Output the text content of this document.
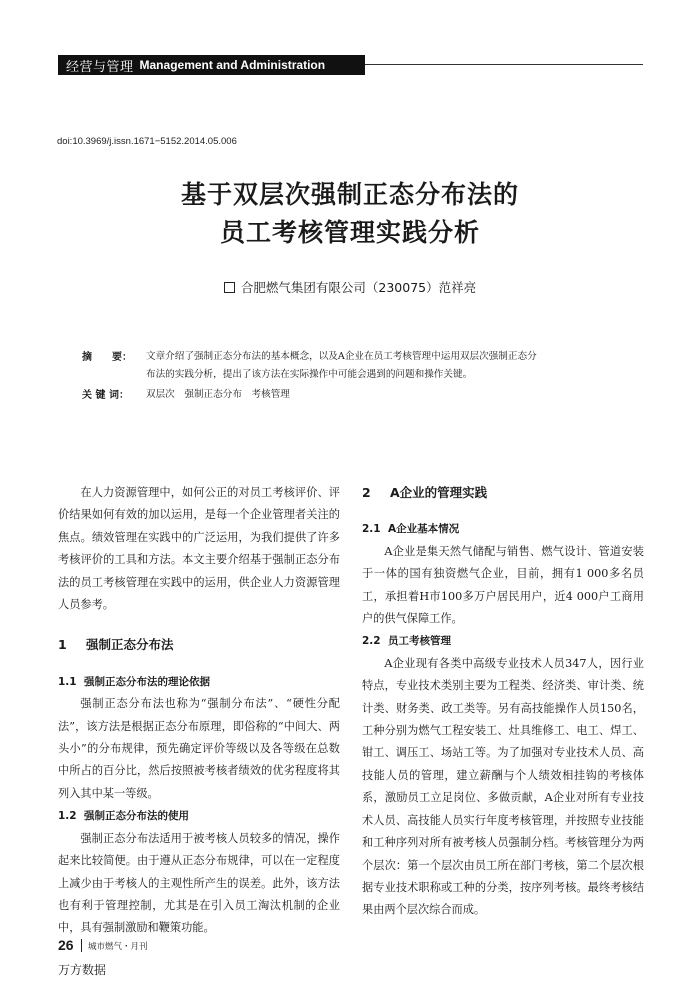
经营与管理 Management and Administration
doi:10.3969/j.issn.1671−5152.2014.05.006
基于双层次强制正态分布法的
员工考核管理实践分析
合肥燃气集团有限公司（230075）范祥亮
摘　　要： 文章介绍了强制正态分布法的基本概念，以及A企业在员工考核管理中运用双层次强制正态分
布法的实践分析，提出了该方法在实际操作中可能会遇到的问题和操作关键。
关 键 词： 双层次　强制正态分布　考核管理

在人力资源管理中，如何公正的对员工考核评价、评价结果如何有效的加以运用，是每一个企业管理者关注的焦点。绩效管理在实践中的广泛运用，为我们提供了许多考核评价的工具和方法。本文主要介绍基于强制正态分布法的员工考核管理在实践中的运用，供企业人力资源管理人员参考。

1 强制正态分布法
1.1 强制正态分布法的理论依据

强制正态分布法也称为“强制分布法”、“硬性分配法”，该方法是根据正态分布原理，即俗称的“中间大、两头小”的分布规律，预先确定评价等级以及各等级在总数中所占的百分比，然后按照被考核者绩效的优劣程度将其列入其中某一等级。

1.2 强制正态分布法的使用

强制正态分布法适用于被考核人员较多的情况，操作起来比较简便。由于遵从正态分布规律，可以在一定程度上减少由于考核人的主观性所产生的误差。此外，该方法也有利于管理控制，尤其是在引入员工淘汰机制的企业中，具有强制激励和鞭策功能。

2 A企业的管理实践
2.1 A企业基本情况

A企业是集天然气储配与销售、燃气设计、管道安装于一体的国有独资燃气企业，目前，拥有1 000多名员工，承担着H市100多万户居民用户，近4 000户工商用户的供气保障工作。

2.2 员工考核管理

A企业现有各类中高级专业技术人员347人，因行业特点，专业技术类别主要为工程类、经济类、审计类、统计类、财务类、政工类等。另有高技能操作人员150名，工种分别为燃气工程安装工、灶具维修工、电工、焊工、钳工、调压工、场站工等。为了加强对专业技术人员、高技能人员的管理，建立薪酬与个人绩效相挂钩的考核体系，激励员工立足岗位、多做贡献，A企业对所有专业技术人员、高技能人员实行年度考核管理，并按照专业技能和工种序列对所有被考核人员强制分档。考核管理分为两个层次：第一个层次由员工所在部门考核，第二个层次根据专业技术职称或工种的分类，按序列考核。最终考核结果由两个层次综合而成。

26 城市燃气・月刊
万方数据
